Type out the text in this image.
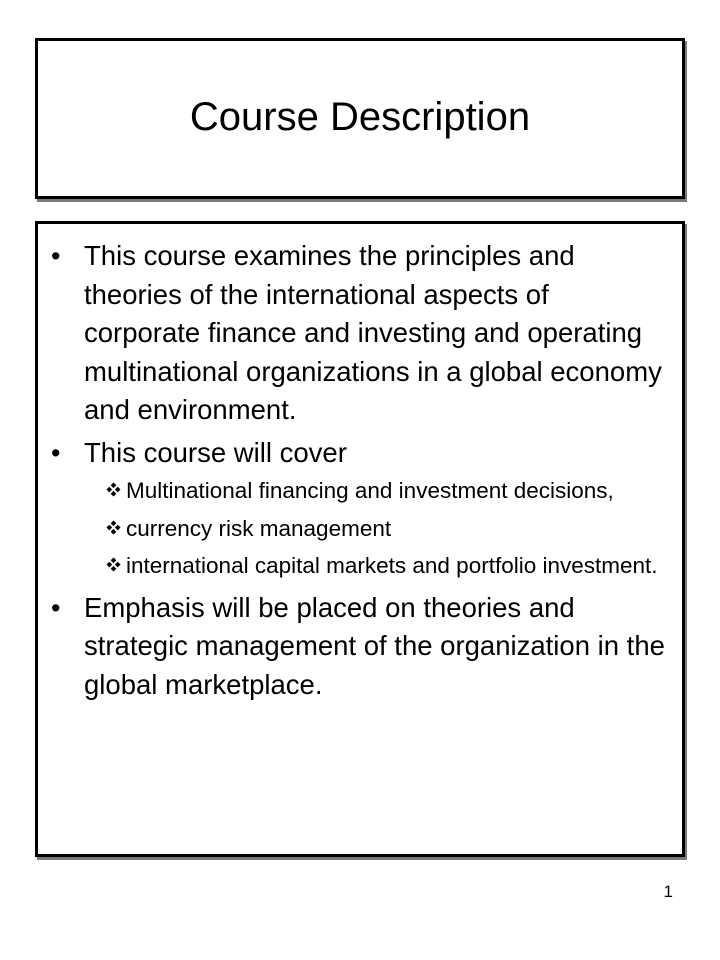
Course Description
• This course examines the principles and theories of the international aspects of corporate finance and investing and operating multinational organizations in a global economy and environment.
• This course will cover
Multinational financing and investment decisions,
currency risk management
international capital markets and portfolio investment.
• Emphasis will be placed on theories and strategic management of the organization in the global marketplace.
1
